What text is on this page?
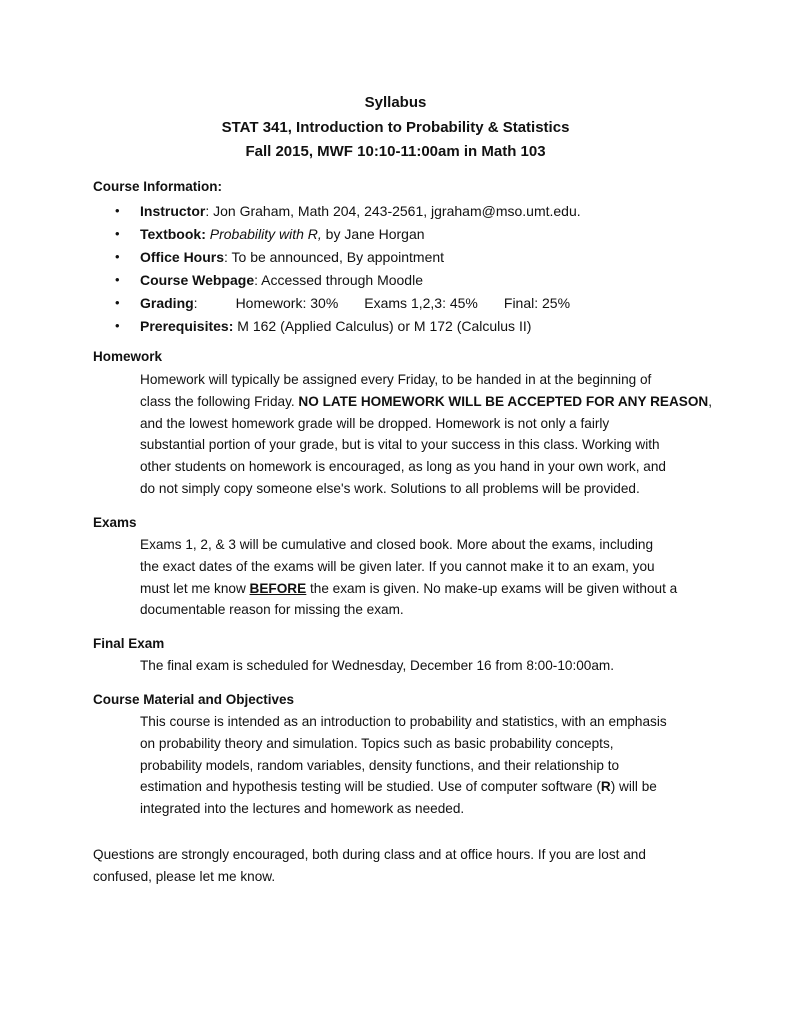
Syllabus
STAT 341, Introduction to Probability & Statistics
Fall 2015, MWF 10:10-11:00am in Math 103
Course Information:
• Instructor: Jon Graham, Math 204, 243-2561, jgraham@mso.umt.edu.
• Textbook: Probability with R, by Jane Horgan
• Office Hours: To be announced, By appointment
• Course Webpage: Accessed through Moodle
• Grading:	Homework: 30% Exams 1,2,3: 45% Final: 25%
• Prerequisites: M 162 (Applied Calculus) or M 172 (Calculus II)
Homework
Homework will typically be assigned every Friday, to be handed in at the beginning of
class the following Friday. NO LATE HOMEWORK WILL BE ACCEPTED FOR ANY REASON,
and the lowest homework grade will be dropped. Homework is not only a fairly
substantial portion of your grade, but is vital to your success in this class. Working with
other students on homework is encouraged, as long as you hand in your own work, and
do not simply copy someone else's work. Solutions to all problems will be provided.
Exams
Exams 1, 2, & 3 will be cumulative and closed book. More about the exams, including
the exact dates of the exams will be given later. If you cannot make it to an exam, you
must let me know BEFORE the exam is given. No make-up exams will be given without a
documentable reason for missing the exam.
Final Exam
The final exam is scheduled for Wednesday, December 16 from 8:00-10:00am.
Course Material and Objectives
This course is intended as an introduction to probability and statistics, with an emphasis
on probability theory and simulation. Topics such as basic probability concepts,
probability models, random variables, density functions, and their relationship to
estimation and hypothesis testing will be studied. Use of computer software (R) will be
integrated into the lectures and homework as needed.
Questions are strongly encouraged, both during class and at office hours. If you are lost and
confused, please let me know.
